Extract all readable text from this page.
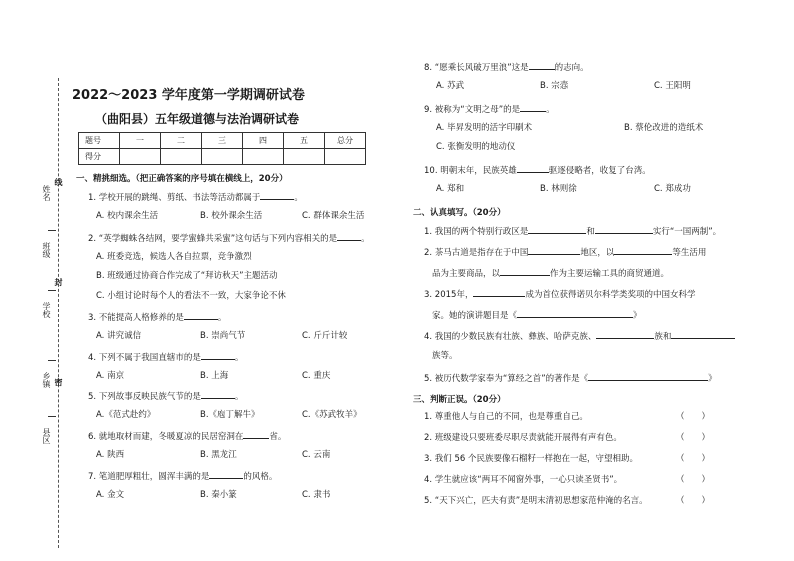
2022～2023 学年度第一学期调研试卷
（曲阳县）五年级道德与法治调研试卷
题号	一	二	三	四	五	总分
得分						
姓名
班级
学校
乡镇
县区
线
封
密
一、精挑细选。（把正确答案的序号填在横线上，20分）
1. 学校开展的跳绳、剪纸、书法等活动都属于	。
A. 校内课余生活	B. 校外课余生活	C. 群体课余生活
2. “英学蜘蛛各结网，要学蜜蜂共采蜜”这句话与下列内容相关的是	。
A. 班委竞选，候选人各自拉票，竞争激烈
B. 班级通过协商合作完成了“拜访秋天”主题活动
C. 小组讨论时每个人的看法不一致，大家争论不休
3. 不能提高人格修养的是	。
A. 讲究诚信	B. 崇尚气节	C. 斤斤计较
4. 下列不属于我国直辖市的是	。
A. 南京	B. 上海	C. 重庆
5. 下列故事反映民族气节的是	。
A.《范式赴约》	B.《庖丁解牛》	C.《苏武牧羊》
6. 就地取材而建，冬暖夏凉的民居窑洞在	省。
A. 陕西	B. 黑龙江	C. 云南
7. 笔道肥厚粗壮，圆浑丰满的是	的风格。
A. 金文	B. 秦小篆	C. 隶书
8. “愿乘长风破万里浪”这是	的志向。
A. 苏武	B. 宗悫	C. 王阳明
9. 被称为“文明之母”的是	。
A. 毕昇发明的活字印刷术	B. 蔡伦改进的造纸术
C. 张衡发明的地动仪
10. 明朝末年，民族英雄	驱逐侵略者，收复了台湾。
A. 郑和	B. 林则徐	C. 郑成功
二、认真填写。（20分）
1. 我国的两个特别行政区是	和	实行“一国两制”。
2. 茶马古道是指存在于中国	地区，以	等生活用
品为主要商品，以	作为主要运输工具的商贸通道。
3. 2015年，	成为首位获得诺贝尔科学类奖项的中国女科学
家。她的演讲题目是《	》
4. 我国的少数民族有壮族、彝族、哈萨克族、	族和
族等。
5. 被历代数学家奉为“算经之首”的著作是《	》
三、判断正误。（20分）
1. 尊重他人与自己的不同，也是尊重自己。	（　　）
2. 班级建设只要班委尽职尽责就能开展得有声有色。	（　　）
3. 我们 56 个民族要像石榴籽一样抱在一起，守望相助。	（　　）
4. 学生就应该“两耳不闻窗外事，一心只读圣贤书”。	（　　）
5. “天下兴亡，匹夫有责”是明末清初思想家范仲淹的名言。	（　　）
